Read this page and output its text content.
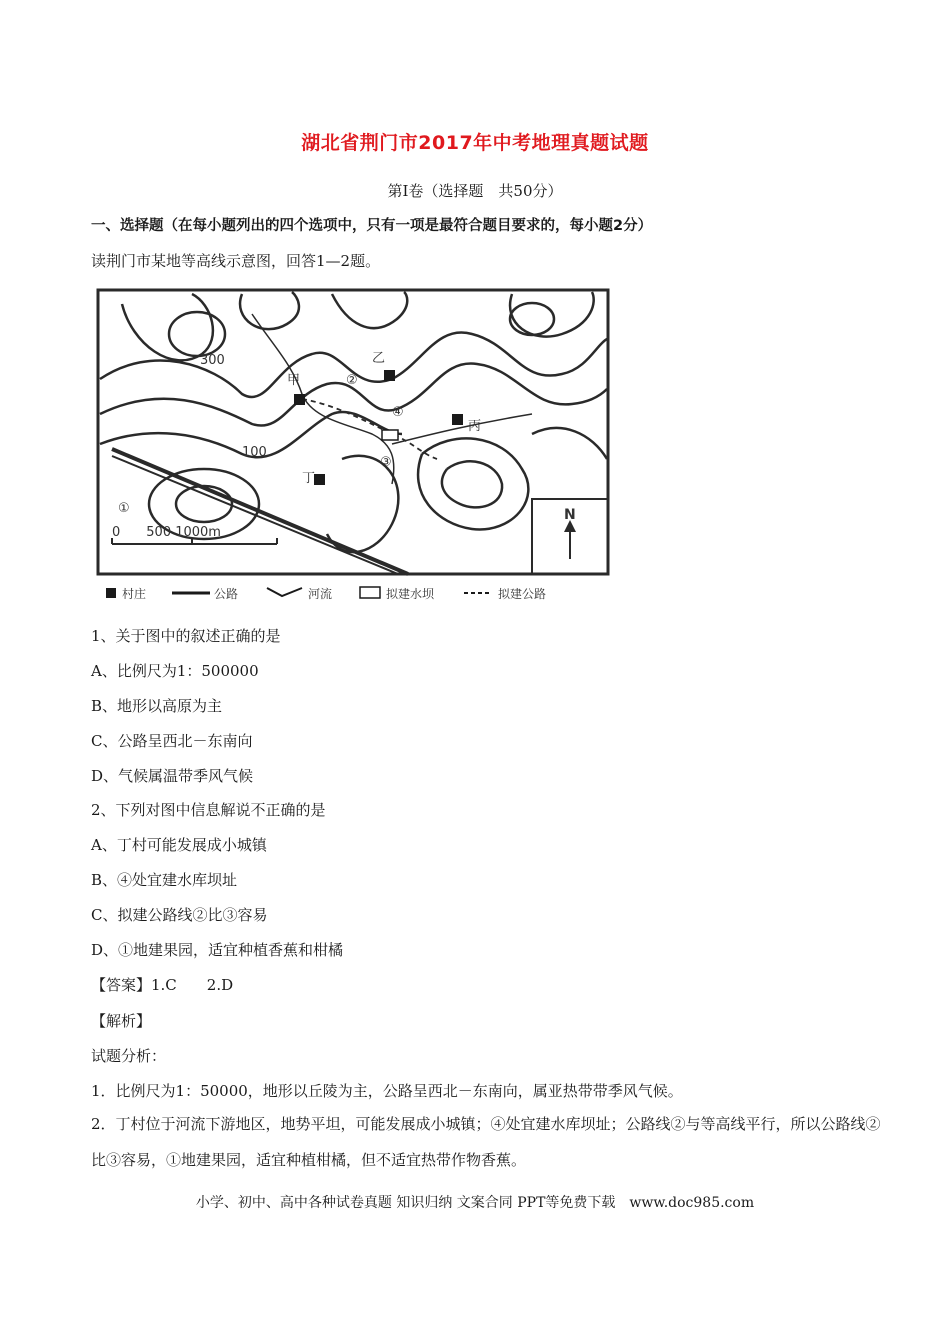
湖北省荆门市2017年中考地理真题试题
第Ⅰ卷（选择题　共50分）
一、选择题（在每小题列出的四个选项中，只有一项是最符合题目要求的，每小题2分）
读荆门市某地等高线示意图，回答1—2题。
300
100
甲
乙
丙
丁
①
②
③
④
0　　500 1000m
N
村庄	公路	河流	拟建水坝	拟建公路
1、关于图中的叙述正确的是
A、比例尺为1：500000
B、地形以高原为主
C、公路呈西北－东南向
D、气候属温带季风气候
2、下列对图中信息解说不正确的是
A、丁村可能发展成小城镇
B、④处宜建水库坝址
C、拟建公路线②比③容易
D、①地建果园，适宜种植香蕉和柑橘
【答案】1.C　　2.D
【解析】
试题分析：
1．比例尺为1：50000，地形以丘陵为主，公路呈西北－东南向，属亚热带带季风气候。
2．丁村位于河流下游地区，地势平坦，可能发展成小城镇；④处宜建水库坝址；公路线②与等高线平行，所以公路线②比③容易，①地建果园，适宜种植柑橘，但不适宜热带作物香蕉。
小学、初中、高中各种试卷真题 知识归纳 文案合同 PPT等免费下载　www.doc985.com
